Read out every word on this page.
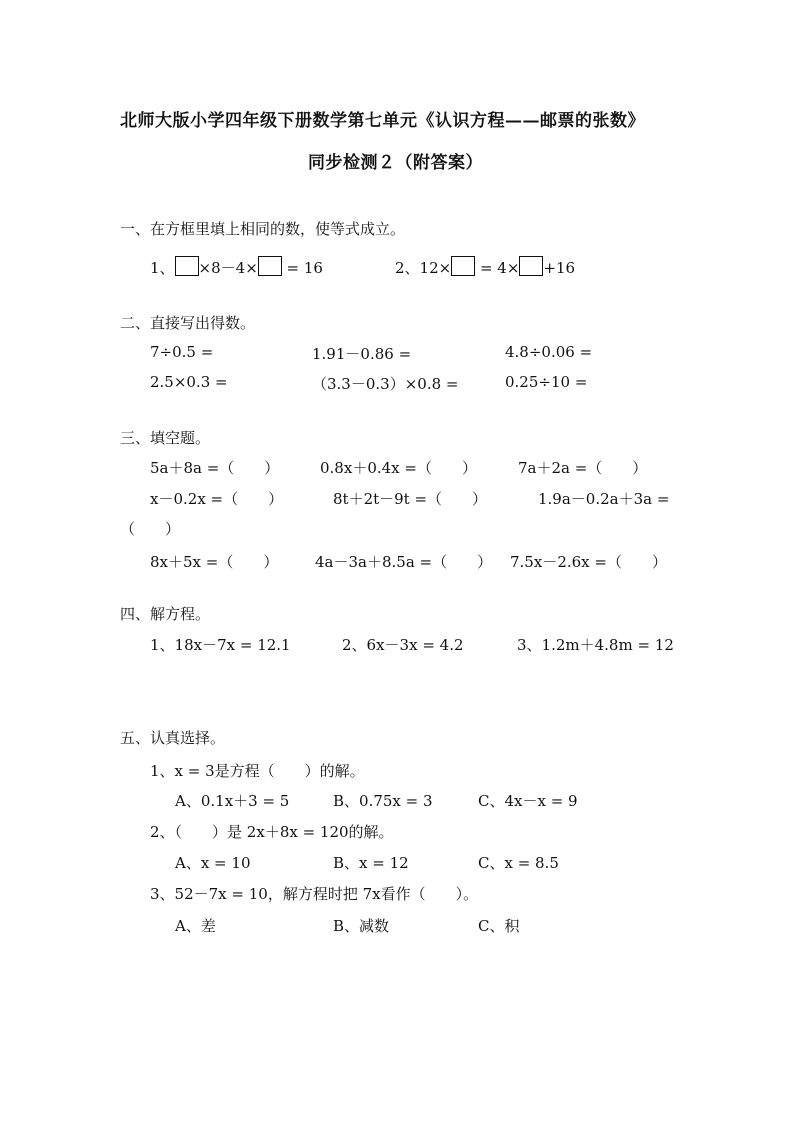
北师大版小学四年级下册数学第七单元《认识方程——邮票的张数》
同步检测２（附答案）
一、在方框里填上相同的数，使等式成立。
1、 ×8－4× = 16	2、12× = 4× +16
二、直接写出得数。
7÷0.5 =	1.91－0.86 =	4.8÷0.06 =
2.5×0.3 =	（3.3－0.3）×0.8 =	0.25÷10 =
三、填空题。
5a＋8a =（　　）	0.8x＋0.4x =（　　）	7a＋2a =（　　）
x－0.2x =（　　）	8t＋2t－9t =（　　）	1.9a－0.2a＋3a =
（　　）
8x＋5x =（　　） 4a－3a＋8.5a =（　　） 7.5x－2.6x =（　　）
四、解方程。
1、18x－7x = 12.1	2、6x－3x = 4.2	3、1.2m＋4.8m = 12
五、认真选择。
1、x = 3是方程（　　）的解。
A、0.1x＋3 = 5	B、0.75x = 3	C、4x－x = 9
2、（　　）是 2x＋8x = 120的解。
A、x = 10	B、x = 12	C、x = 8.5
3、52－7x = 10，解方程时把 7x看作（　　）。
A、差	B、减数	C、积
